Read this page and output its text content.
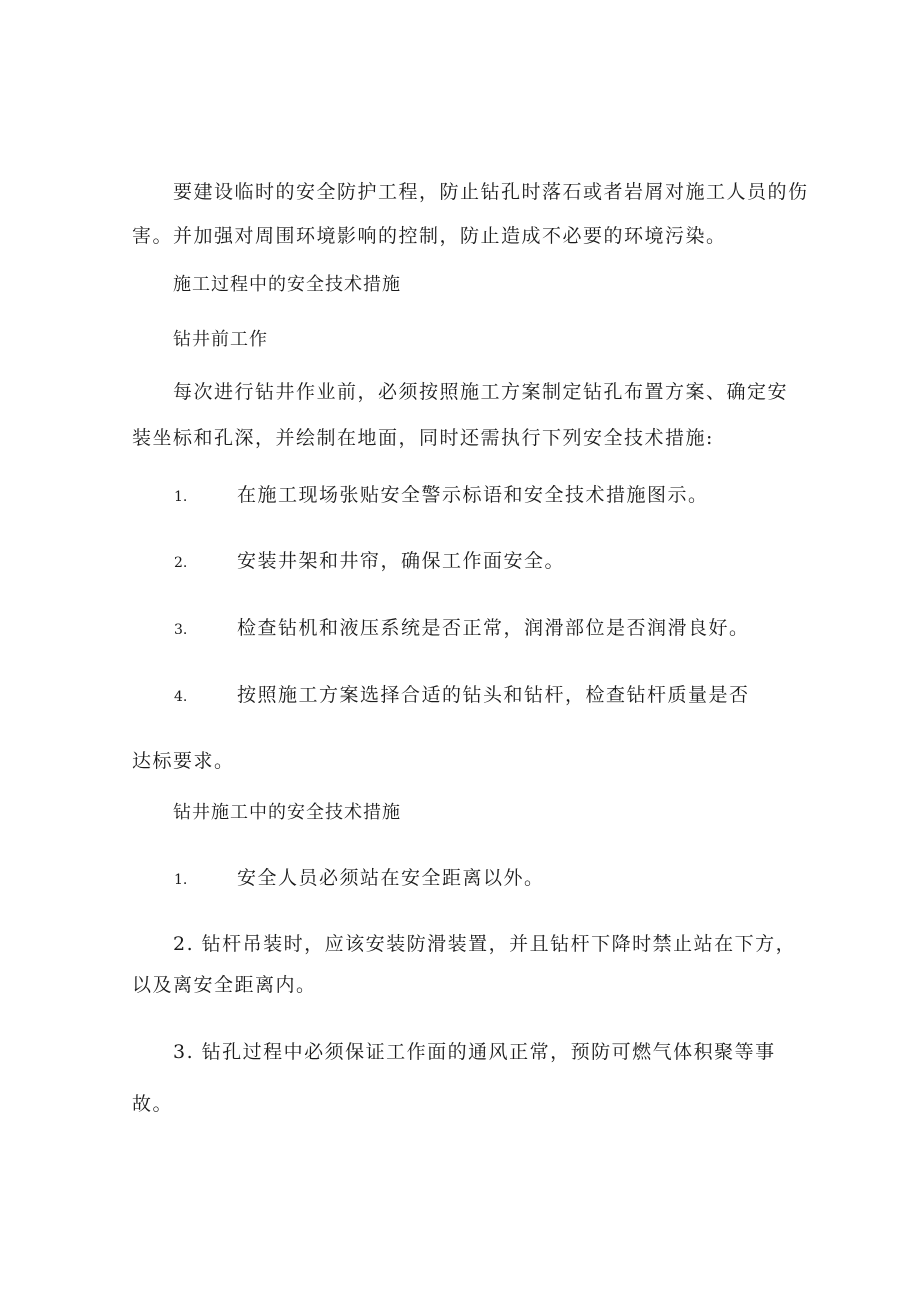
要建设临时的安全防护工程，防止钻孔时落石或者岩屑对施工人员的伤
害。并加强对周围环境影响的控制，防止造成不必要的环境污染。
施工过程中的安全技术措施
钻井前工作
每次进行钻井作业前，必须按照施工方案制定钻孔布置方案、确定安
装坐标和孔深，并绘制在地面，同时还需执行下列安全技术措施:
1.	在施工现场张贴安全警示标语和安全技术措施图示。
2.	安装井架和井帘，确保工作面安全。
3.	检查钻机和液压系统是否正常，润滑部位是否润滑良好。
4.	按照施工方案选择合适的钻头和钻杆，检查钻杆质量是否
达标要求。
钻井施工中的安全技术措施
1.	安全人员必须站在安全距离以外。
2. 钻杆吊装时，应该安装防滑装置，并且钻杆下降时禁止站在下方，
以及离安全距离内。
3. 钻孔过程中必须保证工作面的通风正常，预防可燃气体积聚等事
故。
